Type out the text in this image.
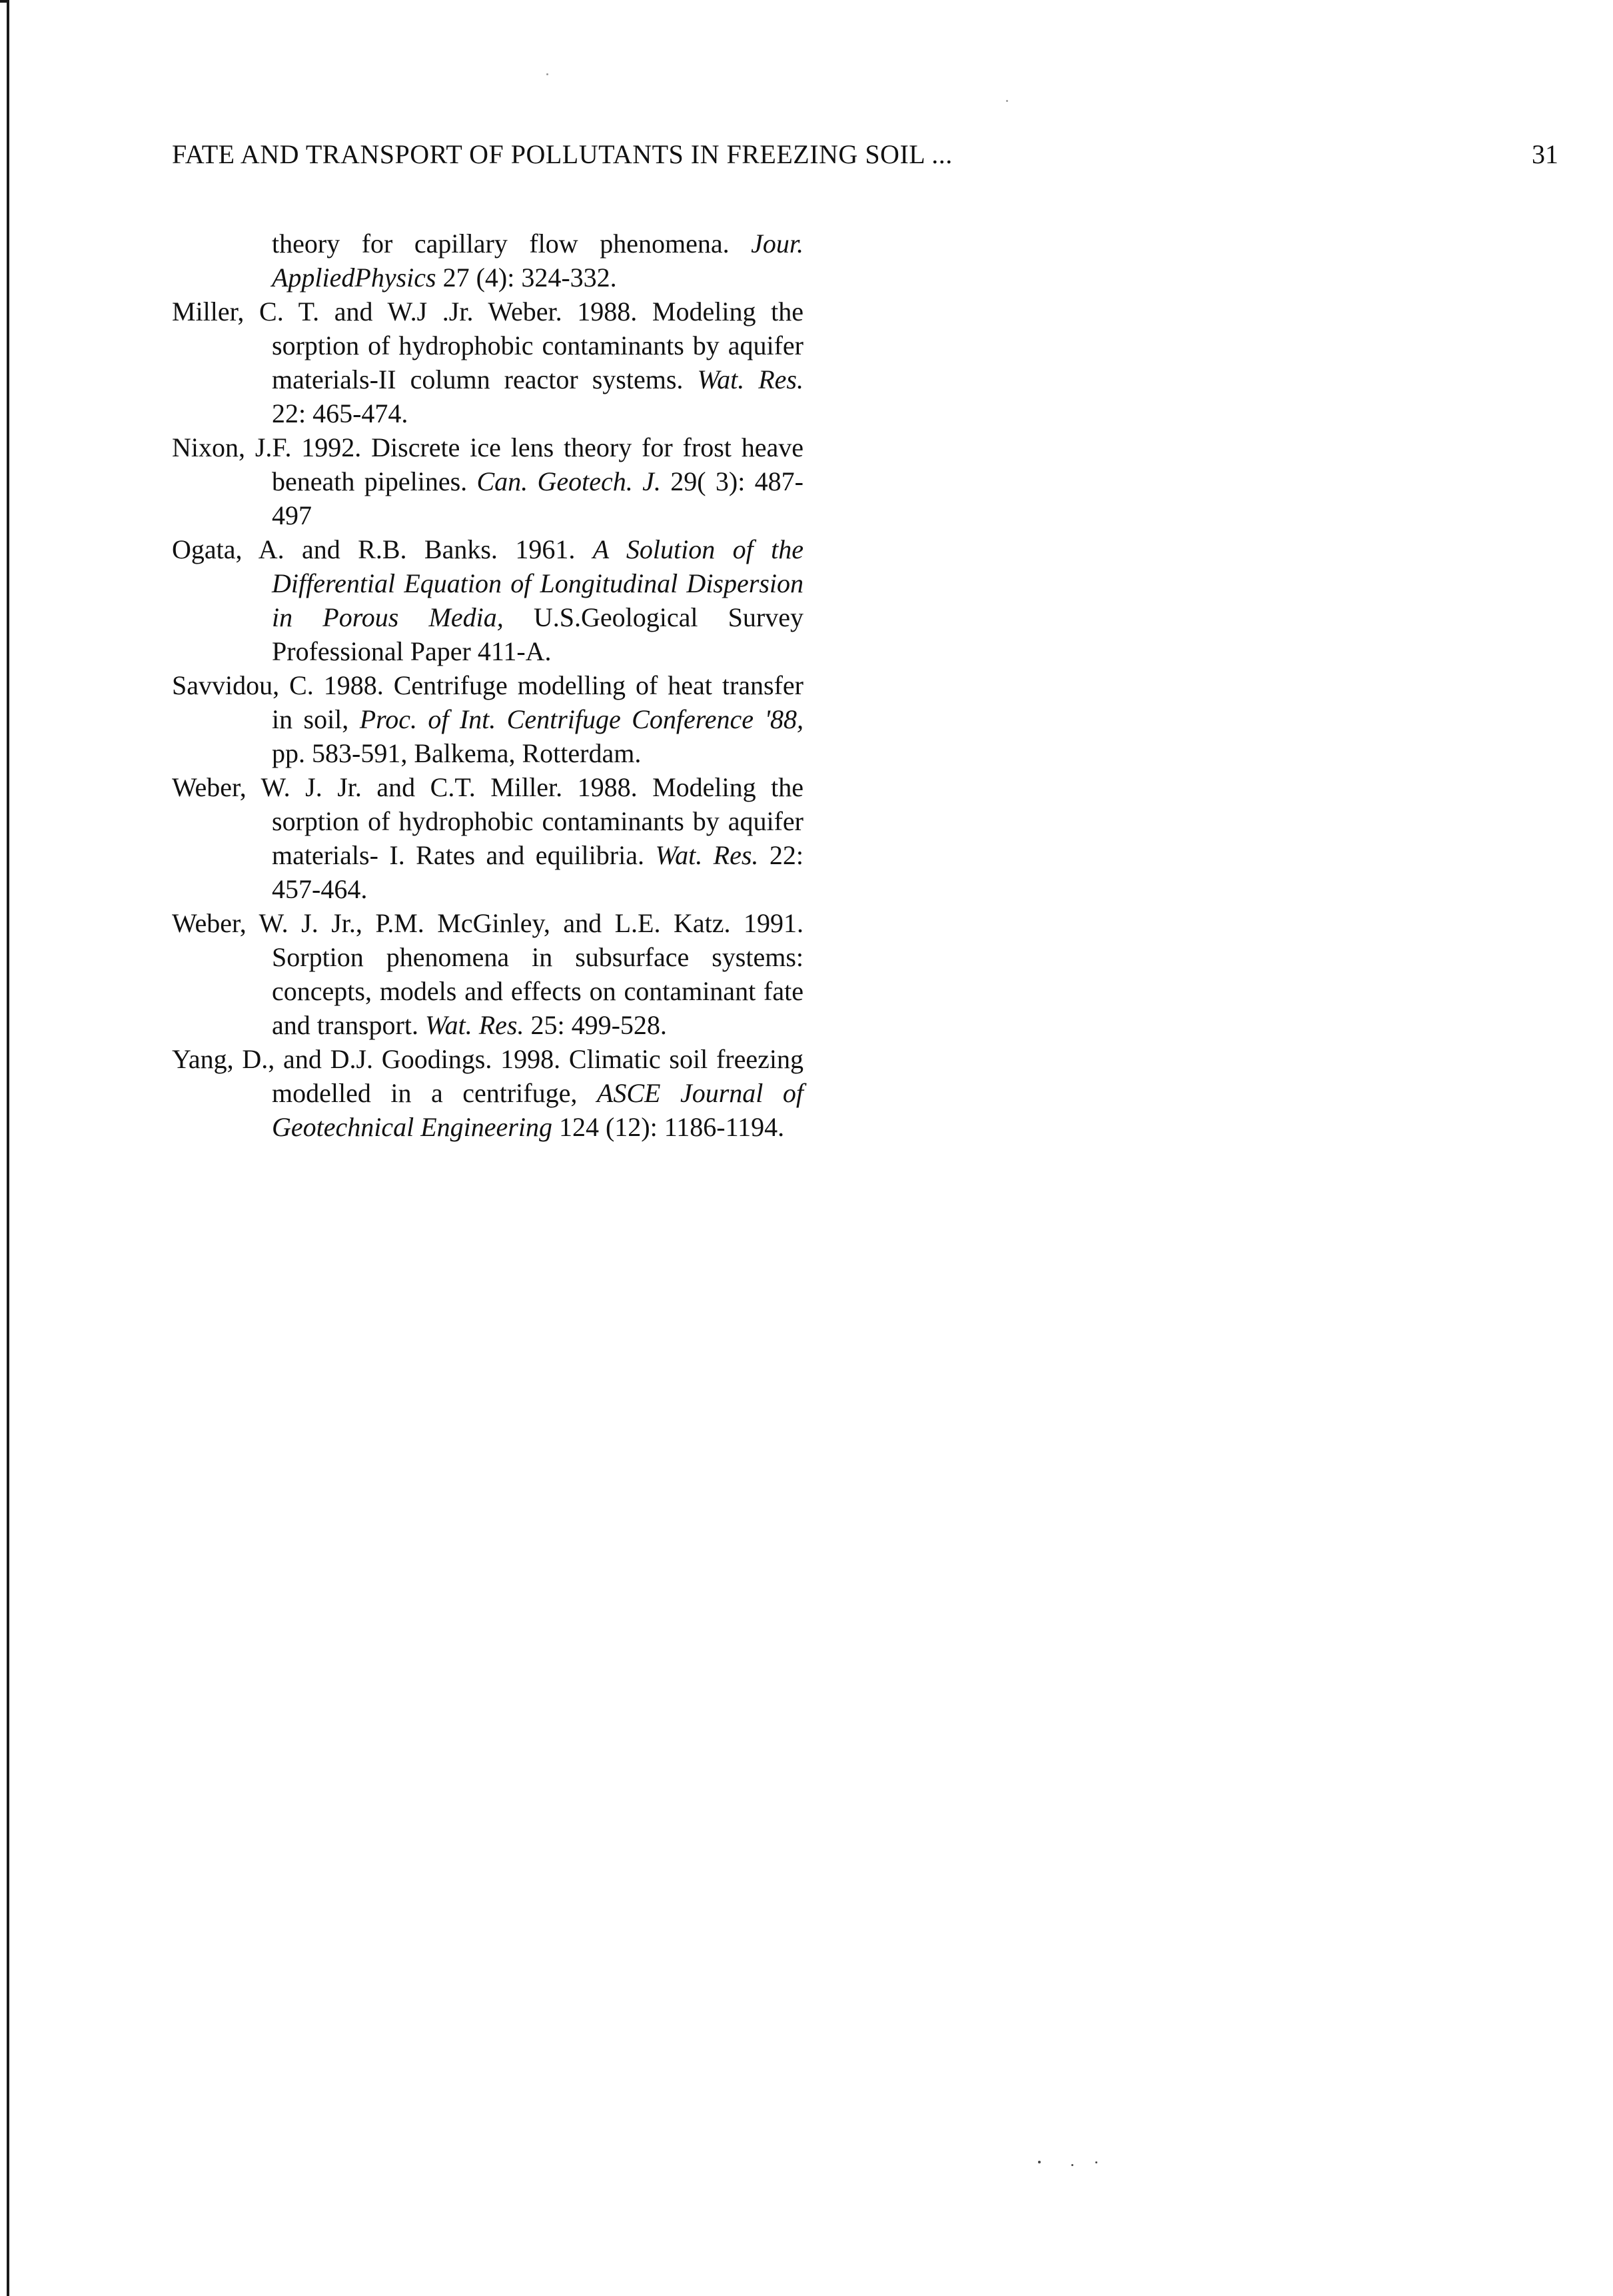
FATE AND TRANSPORT OF POLLUTANTS IN FREEZING SOIL ...	31
theory for capillary flow phenomena. Jour. AppliedPhysics 27 (4): 324-332.
Miller, C. T. and W.J .Jr. Weber. 1988. Modeling the sorption of hydrophobic contaminants by aquifer materials-II column reactor systems. Wat. Res. 22: 465-474.
Nixon, J.F. 1992. Discrete ice lens theory for frost heave beneath pipelines. Can. Geotech. J. 29( 3): 487-497
Ogata, A. and R.B. Banks. 1961. A Solution of the Differential Equation of Longitudinal Dispersion in Porous Media, U.S.Geological Survey Professional Paper 411-A.
Savvidou, C. 1988. Centrifuge modelling of heat transfer in soil, Proc. of Int. Centrifuge Conference '88, pp. 583-591, Balkema, Rotterdam.
Weber, W. J. Jr. and C.T. Miller. 1988. Modeling the sorption of hydrophobic contaminants by aquifer materials- I. Rates and equilibria. Wat. Res. 22: 457-464.
Weber, W. J. Jr., P.M. McGinley, and L.E. Katz. 1991. Sorption phenomena in subsurface systems: concepts, models and effects on contaminant fate and transport. Wat. Res. 25: 499-528.
Yang, D., and D.J. Goodings. 1998. Climatic soil freezing modelled in a centrifuge, ASCE Journal of Geotechnical Engineering 124 (12): 1186-1194.
